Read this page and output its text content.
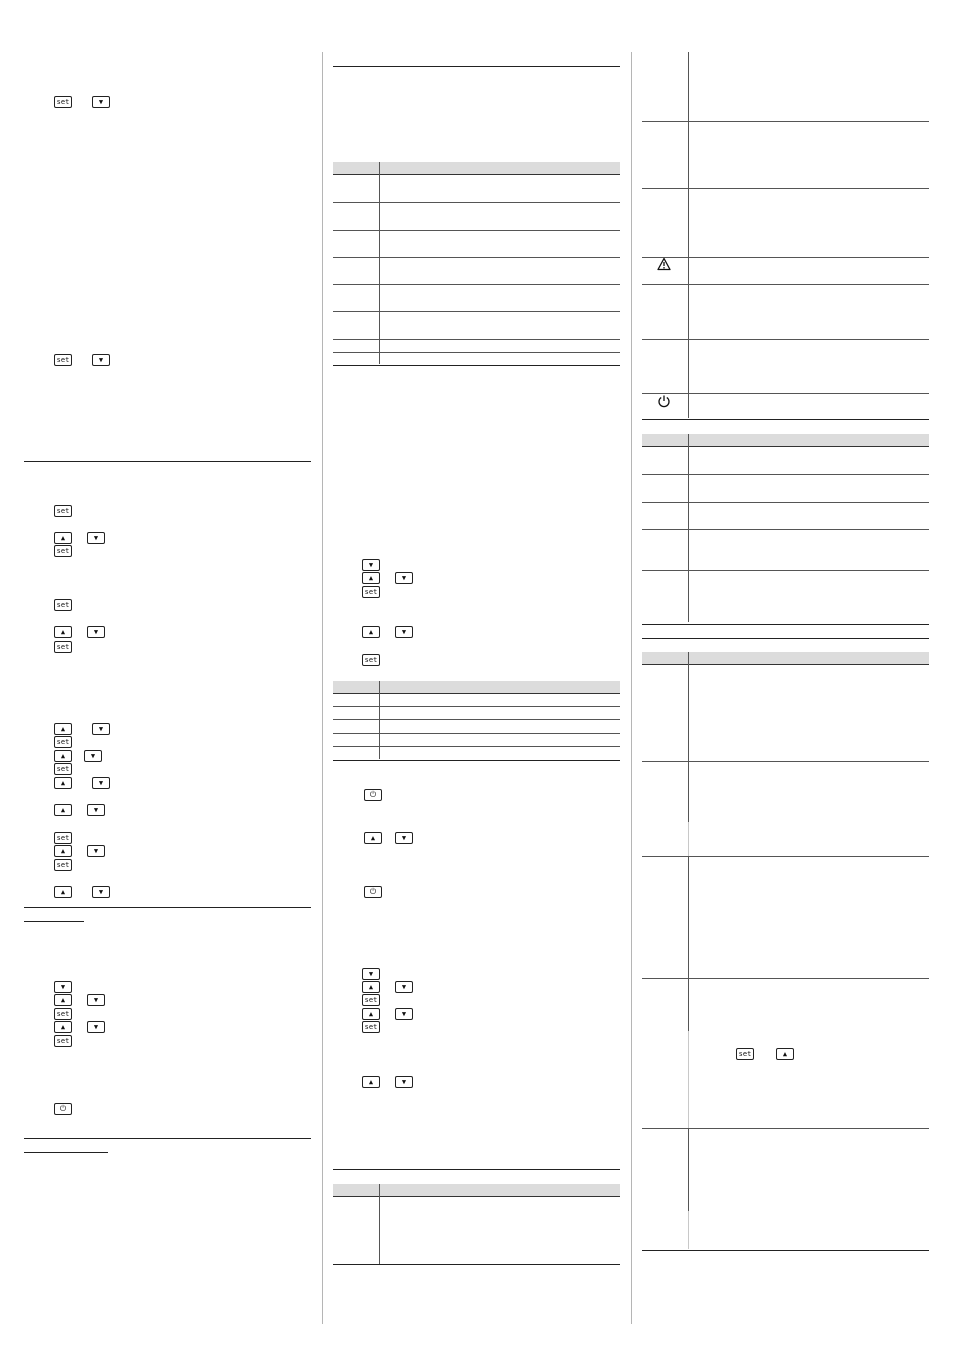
set	▼
set	▼
set
▲	▼
set
set
▲	▼
set
▲	▼
set
▲	▼
set
▲	▼
▲	▼
set
▲	▼
set
▲	▼
▼
▲	▼
set
▲	▼
set
⏻
▼
▲	▼
set
▲	▼
set
⏻
▲	▼
⏻
▼
▲	▼
set
▲	▼
set
▲	▼
set	▲
